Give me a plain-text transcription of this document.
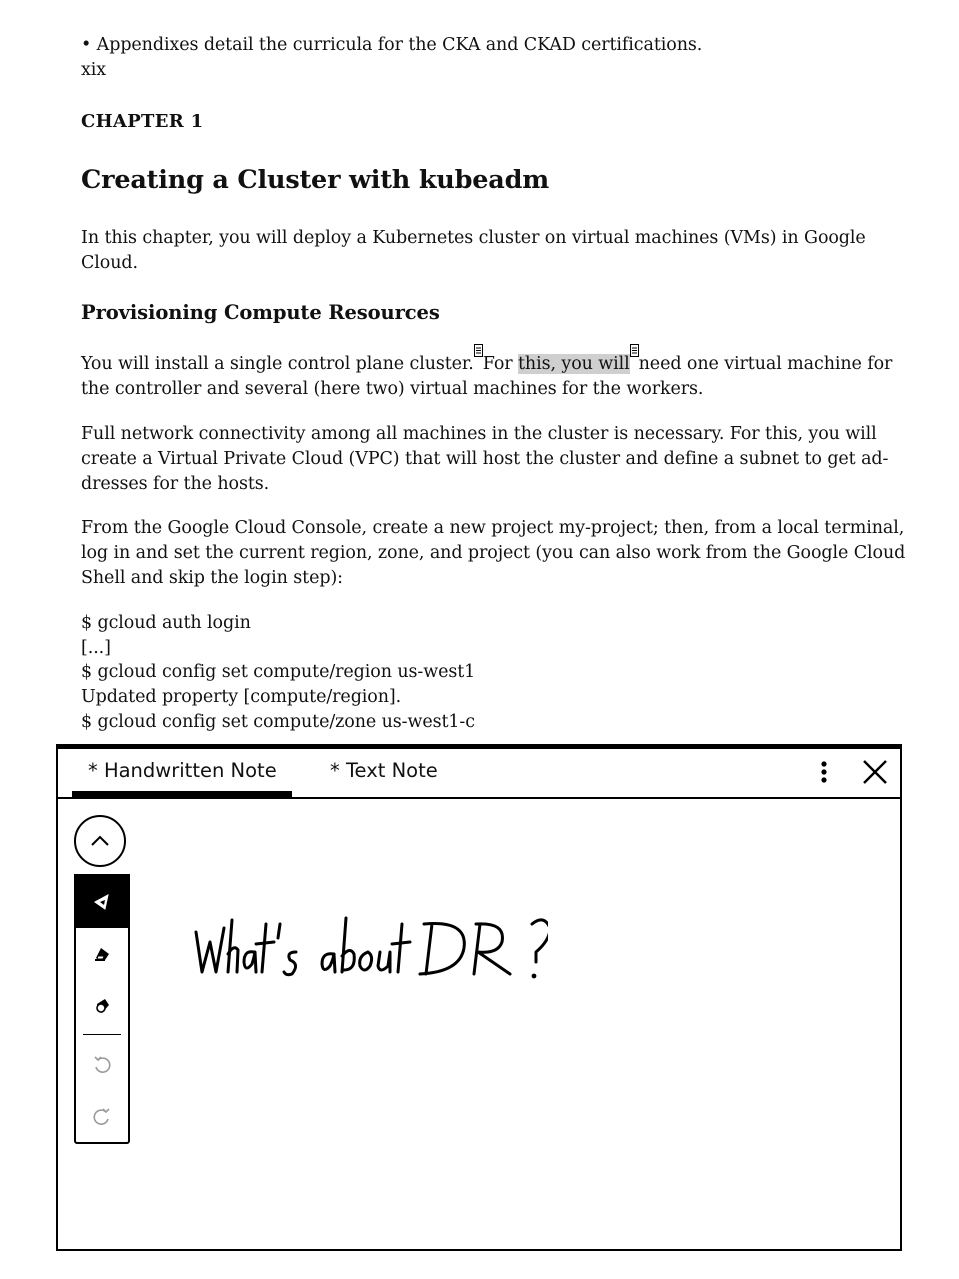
• Appendixes detail the curricula for the CKA and CKAD certifications.
xix
CHAPTER 1
Creating a Cluster with kubeadm
In this chapter, you will deploy a Kubernetes cluster on virtual machines (VMs) in Google
Cloud.
Provisioning Compute Resources
You will install a single control plane cluster. For this, you will need one virtual machine for
the controller and several (here two) virtual machines for the workers.
Full network connectivity among all machines in the cluster is necessary. For this, you will
create a Virtual Private Cloud (VPC) that will host the cluster and define a subnet to get ad-
dresses for the hosts.
From the Google Cloud Console, create a new project my-project; then, from a local terminal,
log in and set the current region, zone, and project (you can also work from the Google Cloud
Shell and skip the login step):
$ gcloud auth login
[...]
$ gcloud config set compute/region us-west1
Updated property [compute/region].
$ gcloud config set compute/zone us-west1-c
* Handwritten Note	* Text Note
